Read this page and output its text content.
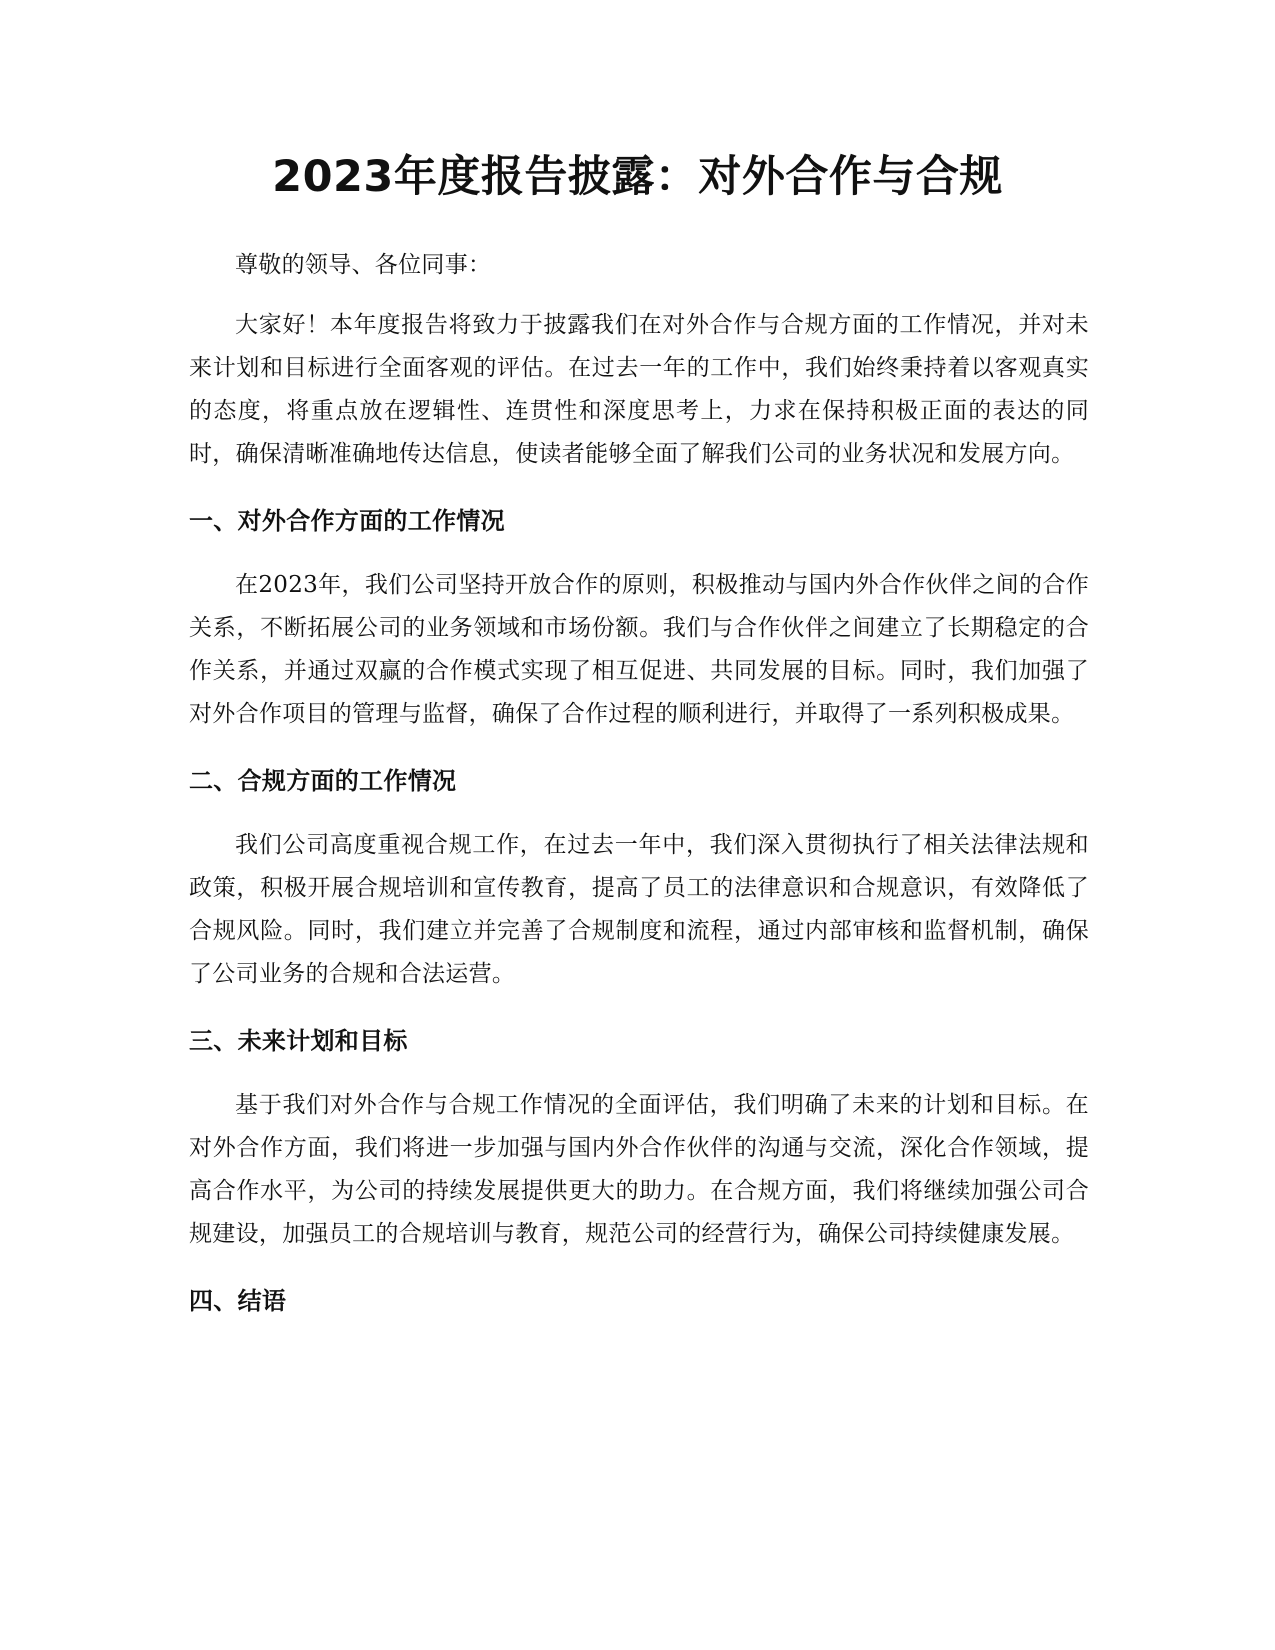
2023年度报告披露：对外合作与合规

尊敬的领导、各位同事：

大家好！本年度报告将致力于披露我们在对外合作与合规方面的工作情况，并对未来计划和目标进行全面客观的评估。在过去一年的工作中，我们始终秉持着以客观真实的态度，将重点放在逻辑性、连贯性和深度思考上，力求在保持积极正面的表达的同时，确保清晰准确地传达信息，使读者能够全面了解我们公司的业务状况和发展方向。

一、对外合作方面的工作情况

在2023年，我们公司坚持开放合作的原则，积极推动与国内外合作伙伴之间的合作关系，不断拓展公司的业务领域和市场份额。我们与合作伙伴之间建立了长期稳定的合作关系，并通过双赢的合作模式实现了相互促进、共同发展的目标。同时，我们加强了对外合作项目的管理与监督，确保了合作过程的顺利进行，并取得了一系列积极成果。

二、合规方面的工作情况

我们公司高度重视合规工作，在过去一年中，我们深入贯彻执行了相关法律法规和政策，积极开展合规培训和宣传教育，提高了员工的法律意识和合规意识，有效降低了合规风险。同时，我们建立并完善了合规制度和流程，通过内部审核和监督机制，确保了公司业务的合规和合法运营。

三、未来计划和目标

基于我们对外合作与合规工作情况的全面评估，我们明确了未来的计划和目标。在对外合作方面，我们将进一步加强与国内外合作伙伴的沟通与交流，深化合作领域，提高合作水平，为公司的持续发展提供更大的助力。在合规方面，我们将继续加强公司合规建设，加强员工的合规培训与教育，规范公司的经营行为，确保公司持续健康发展。

四、结语
